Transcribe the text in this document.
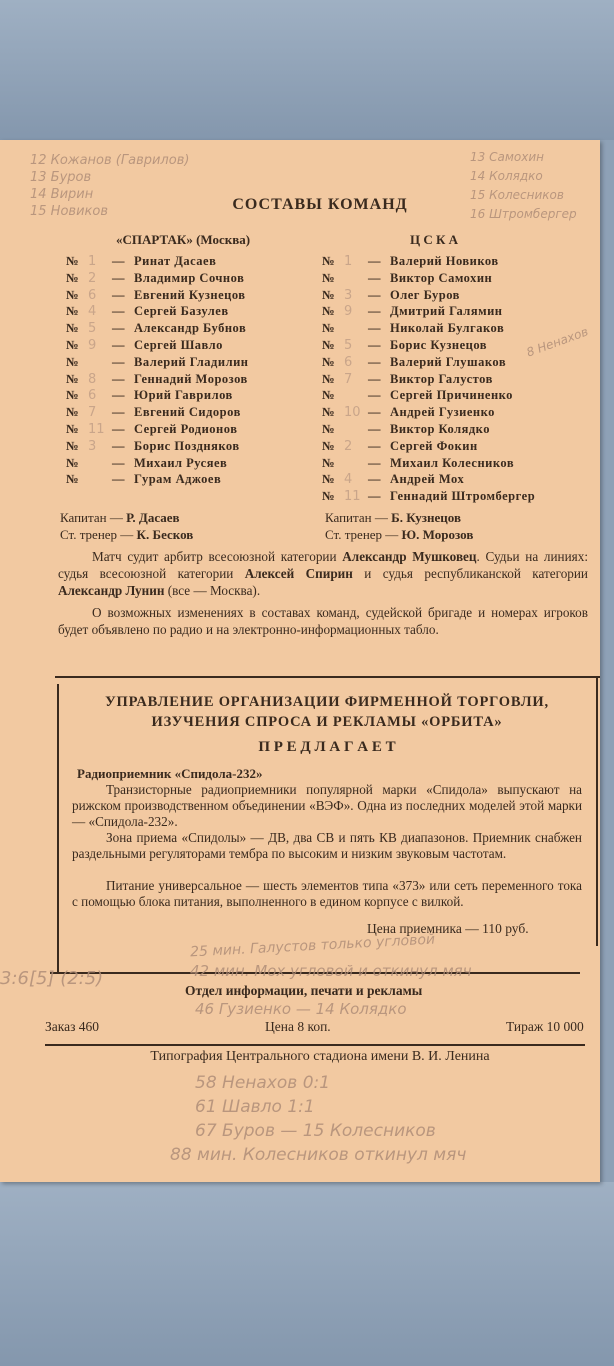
12 Кожанов (Гаврилов)
13 Буров
14 Вирин
15 Новиков
13 Самохин
14 Колядко
15 Колесников
16 Штромбергер
8 Ненахов
СОСТАВЫ КОМАНД
«СПАРТАК» (Москва)	Ц С К А
№ 1	Ринат Дасаев
—
№ 2	Владимир Сочнов
—
№ 6	Евгений Кузнецов
—
№ 4	Сергей Базулев
—
№ 5	Александр Бубнов
—
№ 9	Сергей Шавло
—
№	Валерий Гладилин
—
№ 8	Геннадий Морозов
—
№ 6	Юрий Гаврилов
—
№ 7	Евгений Сидоров
—
№ 11 Сергей Родионов
—
№ 3	Борис Поздняков
—
№	Михаил Русяев
—
№	Гурам Аджоев
—
№ 1	Валерий Новиков
—
№	Виктор Самохин
—
№ 3	Олег Буров
—
№ 9	Дмитрий Галямин
—
№	Николай Булгаков
—
№ 5	Борис Кузнецов
—
№ 6	Валерий Глушаков
—
№ 7	Виктор Галустов
—
№	Сергей Причиненко
—
№ 10 Андрей Гузиенко
—
№	Виктор Колядко
—
№ 2	Сергей Фокин
—
№	Михаил Колесников
—
№ 4	Андрей Мох
—
№ 11 Геннадий Штромбергер
—
Капитан — Р. Дасаев
Ст. тренер — К. Бесков
Капитан — Б. Кузнецов
Ст. тренер — Ю. Морозов
Матч судит арбитр всесоюзной категории Александр Мушковец. Судьи на линиях: судья всесоюзной категории Алексей Спирин и судья республиканской категории Александр Лунин (все — Москва).
О возможных изменениях в составах команд, судейской бригаде и номерах игроков будет объявлено по радио и на электронно-информационных табло.
УПРАВЛЕНИЕ ОРГАНИЗАЦИИ ФИРМЕННОЙ ТОРГОВЛИ,
ИЗУЧЕНИЯ СПРОСА И РЕКЛАМЫ «ОРБИТА»
П Р Е Д Л А Г А Е Т
Радиоприемник «Спидола-232»
Транзисторные радиоприемники популярной марки «Спидола» выпускают на рижском производственном объединении «ВЭФ». Одна из последних моделей этой марки — «Спидола-232».
Зона приема «Спидолы» — ДВ, два СВ и пять КВ диапазонов. Приемник снабжен раздельными регуляторами тембра по высоким и низким звуковым частотам.
Питание универсальное — шесть элементов типа «373» или сеть переменного тока с помощью блока питания, выполненного в едином корпусе с вилкой.
Цена приемника — 110 руб.
25 мин. Галустов только угловой
42 мин. Мох угловой и откинул мяч
3:6[5] (2:5)
Отдел информации, печати и рекламы
46 Гузиенко — 14 Колядко
Заказ 460	Цена 8 коп.	Тираж 10 000
Типография Центрального стадиона имени В. И. Ленина
58 Ненахов 0:1
61 Шавло 1:1
67 Буров — 15 Колесников
88 мин. Колесников откинул мяч
